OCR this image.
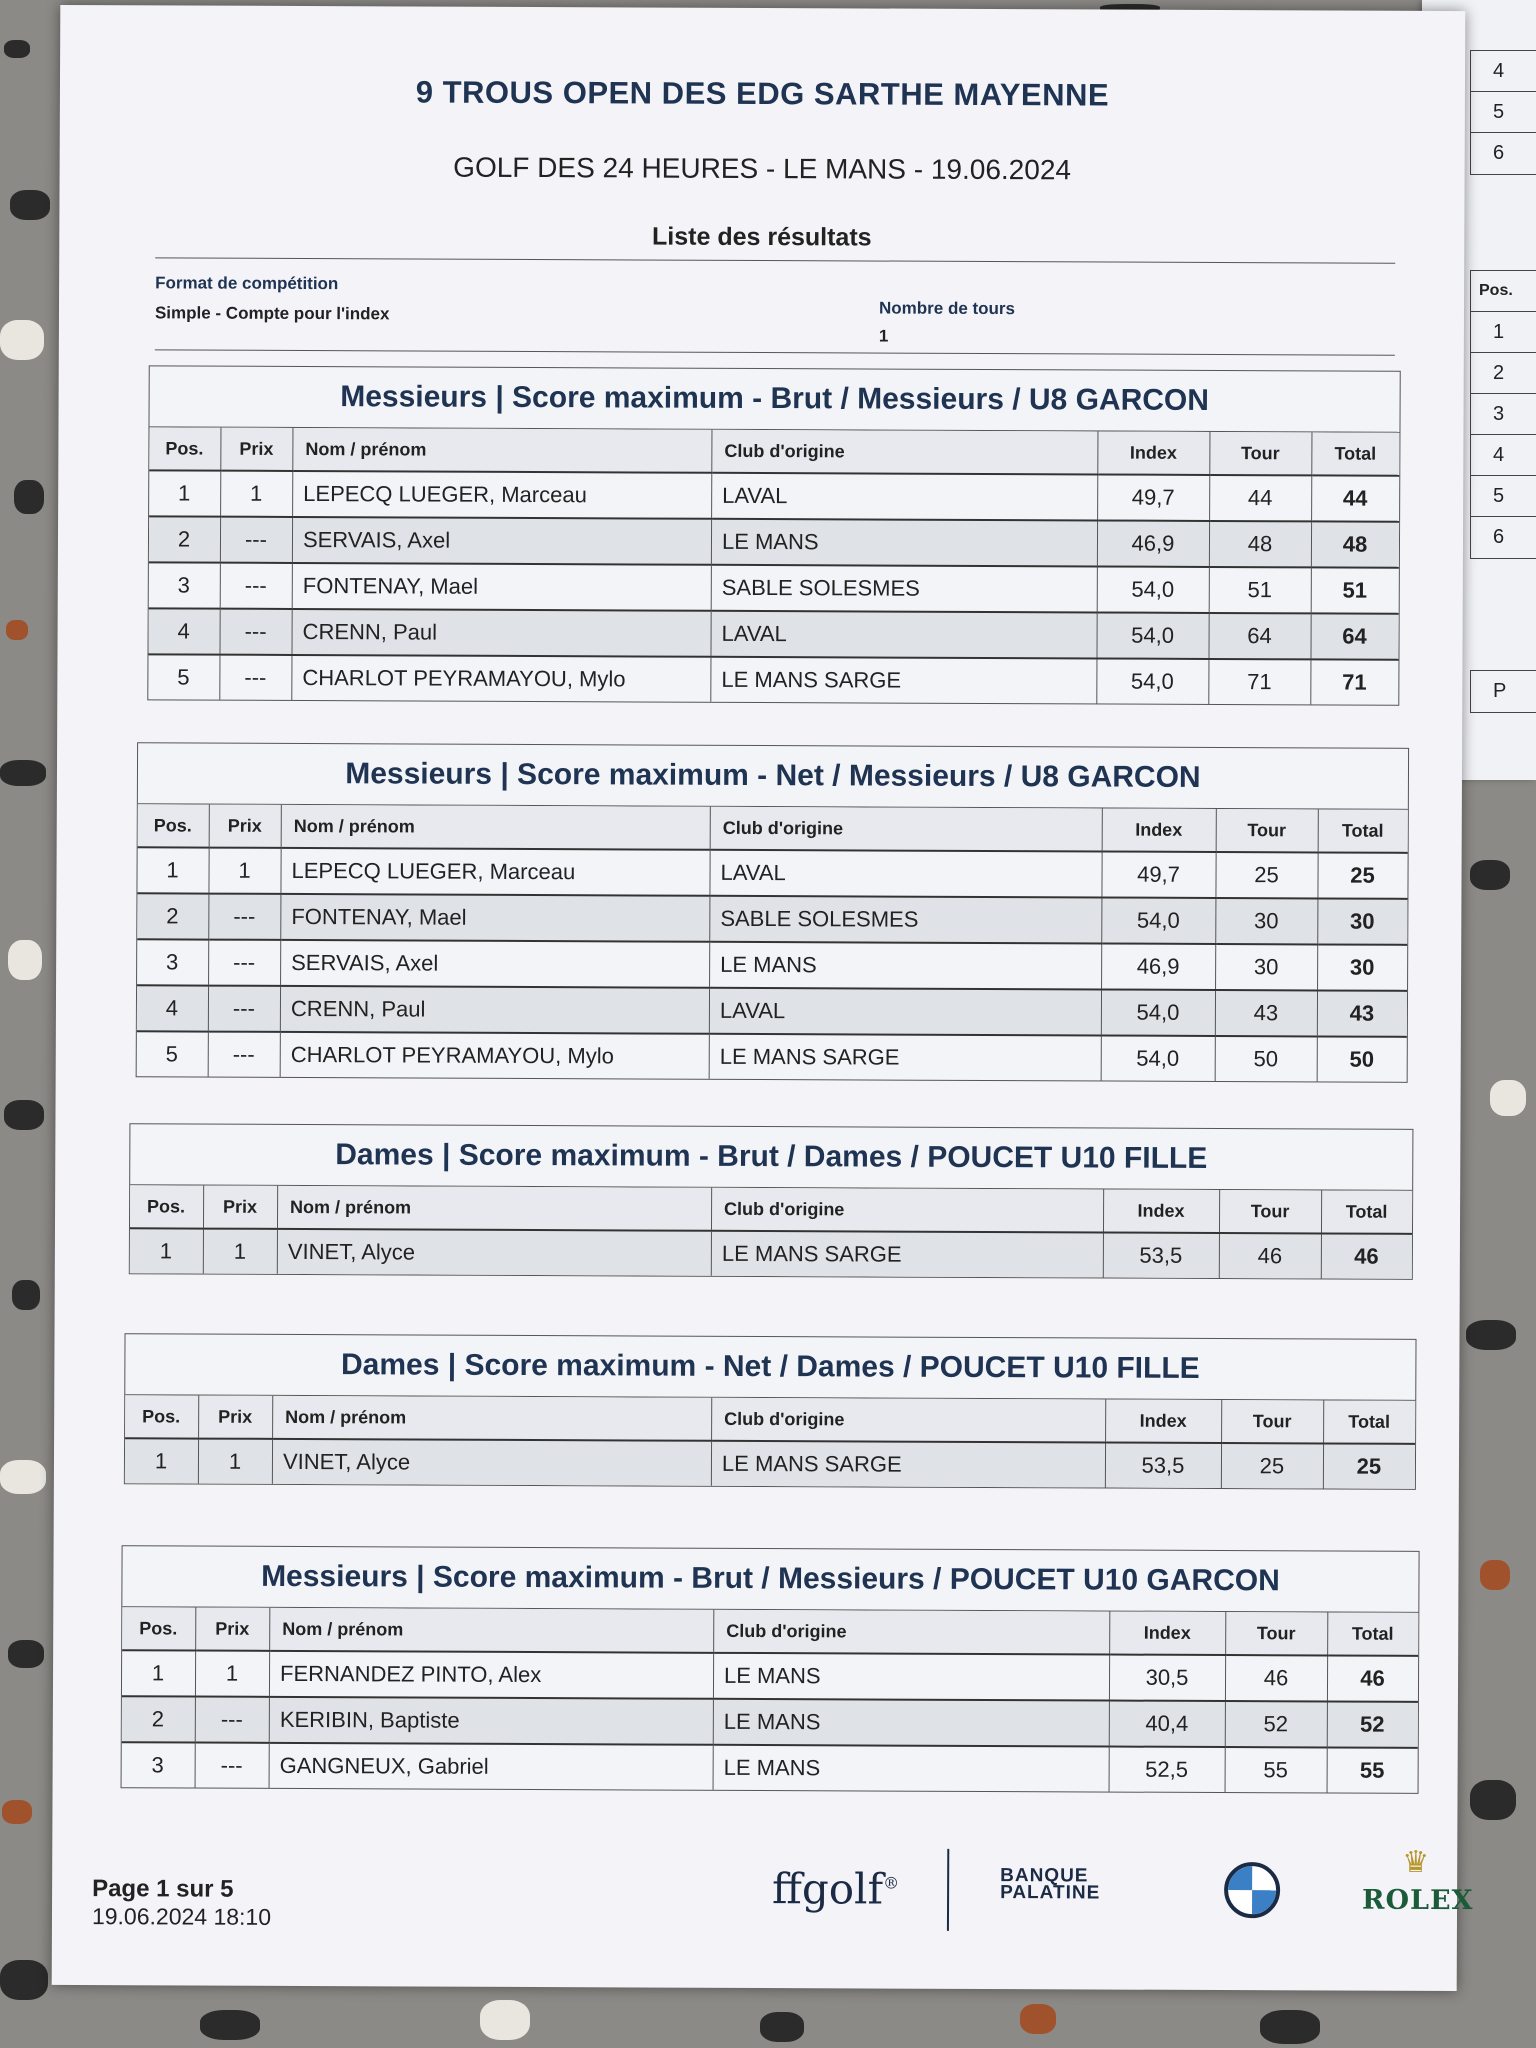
4
5
6
Pos.
1
2
3
4
5
6
P
9 TROUS OPEN DES EDG SARTHE MAYENNE
GOLF DES 24 HEURES - LE MANS - 19.06.2024
Liste des résultats
Format de compétition
Simple - Compte pour l'index	Nombre de tours
1
Messieurs | Score maximum - Brut / Messieurs / U8 GARCON
Pos.	Prix	Nom / prénom	Club d'origine	Index	Tour	Total
1	1	LEPECQ LUEGER, Marceau	LAVAL	49,7	44	44
2	---	SERVAIS, Axel	LE MANS	46,9	48	48
3	---	FONTENAY, Mael	SABLE SOLESMES	54,0	51	51
4	---	CRENN, Paul	LAVAL	54,0	64	64
5	---	CHARLOT PEYRAMAYOU, Mylo	LE MANS SARGE	54,0	71	71
Messieurs | Score maximum - Net / Messieurs / U8 GARCON
Pos.	Prix	Nom / prénom	Club d'origine	Index	Tour	Total
1	1	LEPECQ LUEGER, Marceau	LAVAL	49,7	25	25
2	---	FONTENAY, Mael	SABLE SOLESMES	54,0	30	30
3	---	SERVAIS, Axel	LE MANS	46,9	30	30
4	---	CRENN, Paul	LAVAL	54,0	43	43
5	---	CHARLOT PEYRAMAYOU, Mylo	LE MANS SARGE	54,0	50	50
Dames | Score maximum - Brut / Dames / POUCET U10 FILLE
Pos.	Prix	Nom / prénom	Club d'origine	Index	Tour	Total
1	1	VINET, Alyce	LE MANS SARGE	53,5	46	46
Dames | Score maximum - Net / Dames / POUCET U10 FILLE
Pos.	Prix	Nom / prénom	Club d'origine	Index	Tour	Total
1	1	VINET, Alyce	LE MANS SARGE	53,5	25	25
Messieurs | Score maximum - Brut / Messieurs / POUCET U10 GARCON
Pos.	Prix	Nom / prénom	Club d'origine	Index	Tour	Total
1	1	FERNANDEZ PINTO, Alex	LE MANS	30,5	46	46
2	---	KERIBIN, Baptiste	LE MANS	40,4	52	52
3	---	GANGNEUX, Gabriel	LE MANS	52,5	55	55
Page 1 sur 5
19.06.2024 18:10
ffgolf®	BANQUE
PALATINE
♛
ROLEX
